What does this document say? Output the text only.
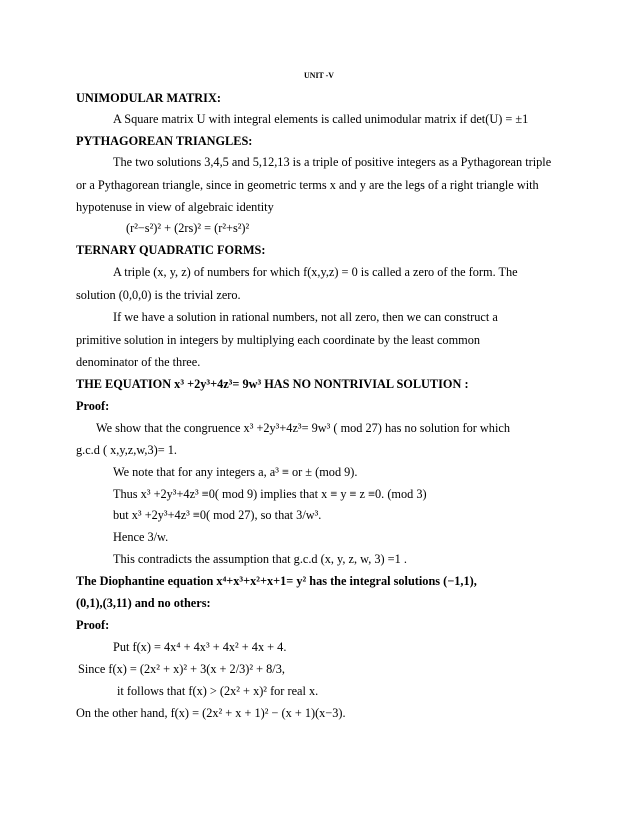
UNIT -V
UNIMODULAR MATRIX:
A Square matrix U with integral elements is called unimodular matrix if det(U) = ±1
PYTHAGOREAN TRIANGLES:
The two solutions 3,4,5 and 5,12,13 is a triple of positive integers as a Pythagorean triple
or a Pythagorean triangle, since in geometric terms x and y are the legs of a right triangle with
hypotenuse in view of algebraic identity
(r²−s²)² + (2rs)² = (r²+s²)²
TERNARY QUADRATIC FORMS:
A triple (x, y, z) of numbers for which f(x,y,z) = 0 is called a zero of the form. The
solution (0,0,0) is the trivial zero.
If we have a solution in rational numbers, not all zero, then we can construct a
primitive solution in integers by multiplying each coordinate by the least common
denominator of the three.
THE EQUATION x³ +2y³+4z³= 9w³ HAS NO NONTRIVIAL SOLUTION :
Proof:
We show that the congruence x³ +2y³+4z³= 9w³ ( mod 27) has no solution for which
g.c.d ( x,y,z,w,3)= 1.
We note that for any integers a, a³ ≡ or ± (mod 9).
Thus x³ +2y³+4z³ ≡0( mod 9) implies that x ≡ y ≡ z ≡0. (mod 3)
but x³ +2y³+4z³ ≡0( mod 27), so that 3/w³.
Hence 3/w.
This contradicts the assumption that g.c.d (x, y, z, w, 3) =1 .
The Diophantine equation x⁴+x³+x²+x+1= y² has the integral solutions (−1,1),
(0,1),(3,11) and no others:
Proof:
Put f(x) = 4x⁴ + 4x³ + 4x² + 4x + 4.
Since f(x) = (2x² + x)² + 3(x + 2/3)² + 8/3,
it follows that f(x) > (2x² + x)² for real x.
On the other hand, f(x) = (2x² + x + 1)² − (x + 1)(x−3).
